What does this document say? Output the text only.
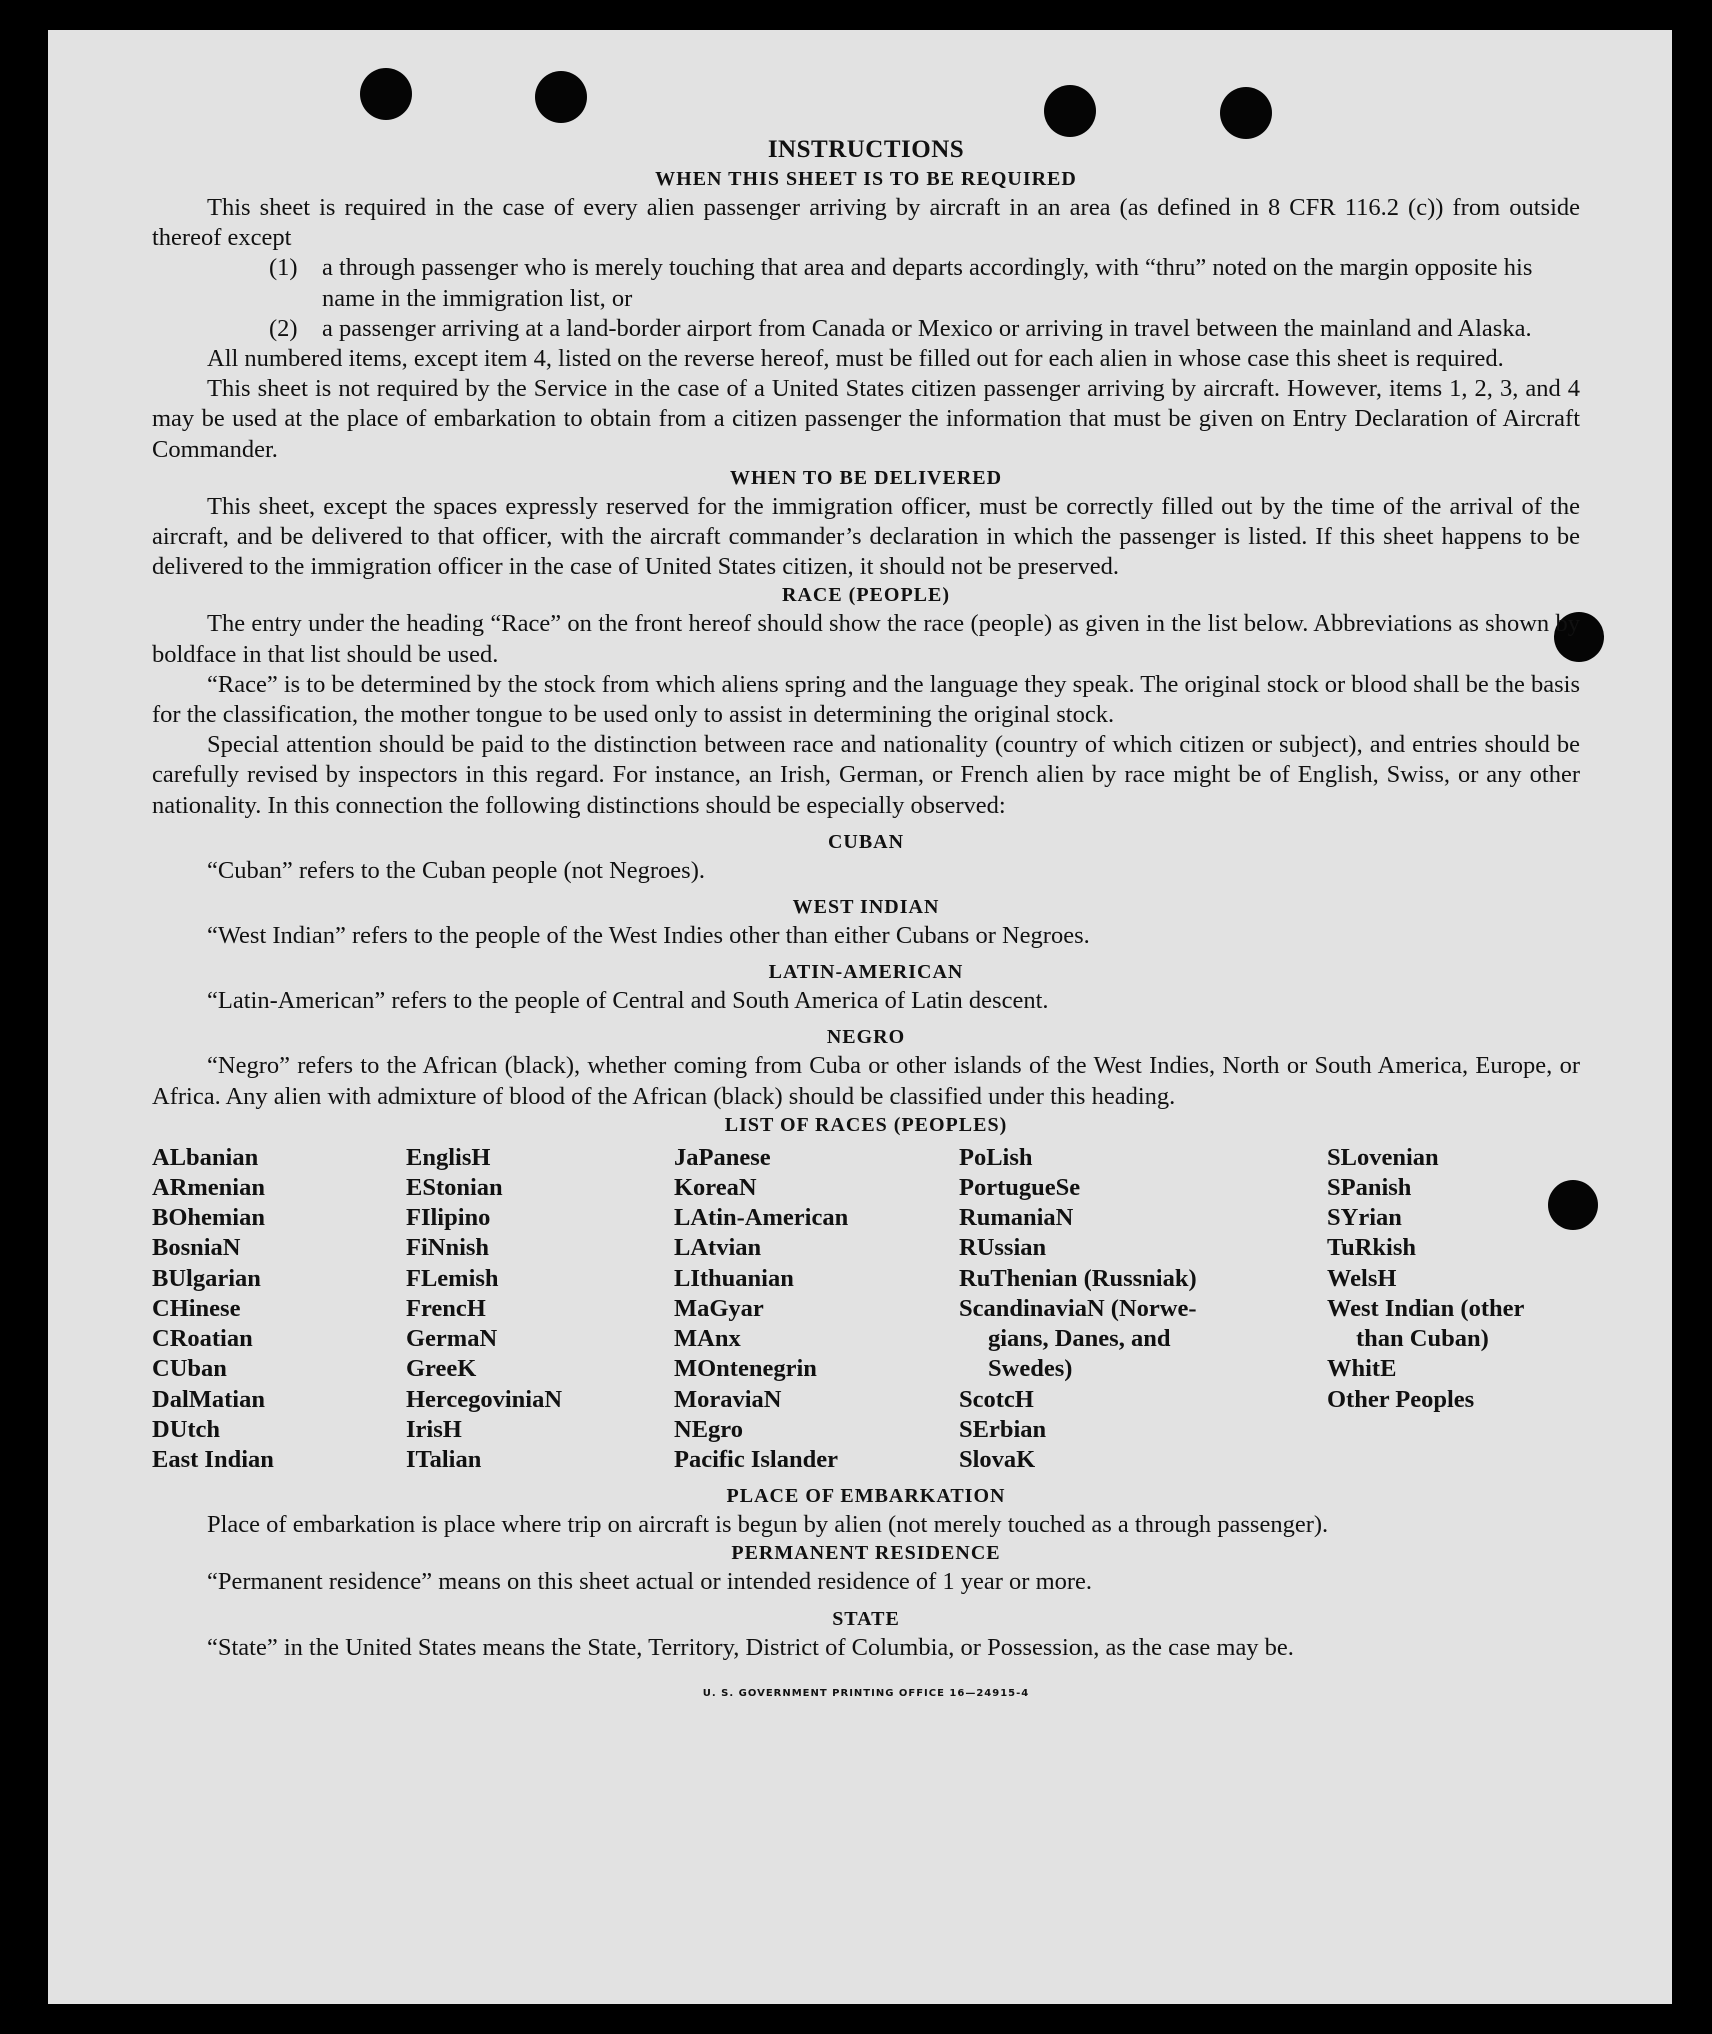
INSTRUCTIONS
WHEN THIS SHEET IS TO BE REQUIRED

This sheet is required in the case of every alien passenger arriving by aircraft in an area (as defined in 8 CFR 116.2 (c)) from outside thereof except

(1) a through passenger who is merely touching that area and departs accordingly, with “thru” noted on the margin opposite his name in the immigration list, or
(2) a passenger arriving at a land-border airport from Canada or Mexico or arriving in travel between the mainland and Alaska.

All numbered items, except item 4, listed on the reverse hereof, must be filled out for each alien in whose case this sheet is required.

This sheet is not required by the Service in the case of a United States citizen passenger arriving by aircraft. However, items 1, 2, 3, and 4 may be used at the place of embarkation to obtain from a citizen passenger the information that must be given on Entry Declaration of Aircraft Commander.

WHEN TO BE DELIVERED

This sheet, except the spaces expressly reserved for the immigration officer, must be correctly filled out by the time of the arrival of the aircraft, and be delivered to that officer, with the aircraft commander’s declaration in which the passenger is listed. If this sheet happens to be delivered to the immigration officer in the case of United States citizen, it should not be preserved.

RACE (PEOPLE)

The entry under the heading “Race” on the front hereof should show the race (people) as given in the list below. Abbreviations as shown by boldface in that list should be used.

“Race” is to be determined by the stock from which aliens spring and the language they speak. The original stock or blood shall be the basis for the classification, the mother tongue to be used only to assist in determining the original stock.

Special attention should be paid to the distinction between race and nationality (country of which citizen or subject), and entries should be carefully revised by inspectors in this regard. For instance, an Irish, German, or French alien by race might be of English, Swiss, or any other nationality. In this connection the following distinctions should be especially observed:

CUBAN

“Cuban” refers to the Cuban people (not Negroes).

WEST INDIAN

“West Indian” refers to the people of the West Indies other than either Cubans or Negroes.

LATIN-AMERICAN

“Latin-American” refers to the people of Central and South America of Latin descent.

NEGRO

“Negro” refers to the African (black), whether coming from Cuba or other islands of the West Indies, North or South America, Europe, or Africa. Any alien with admixture of blood of the African (black) should be classified under this heading.

LIST OF RACES (PEOPLES)
ALbanian
ARmenian
BOhemian
BosniaN
BUlgarian
CHinese
CRoatian
CUban
DalMatian
DUtch
East Indian
EnglisH
EStonian
FIlipino
FiNnish
FLemish
FrencH
GermaN
GreeK
HercegoviniaN
IrisH
ITalian
JaPanese
KoreaN
LAtin-American
LAtvian
LIthuanian
MaGyar
MAnx
MOntenegrin
MoraviaN
NEgro
Pacific Islander
PoLish
PortugueSe
RumaniaN
RUssian
RuThenian (Russniak)
ScandinaviaN (Norwe-
gians, Danes, and
Swedes)
ScotcH
SErbian
SlovaK
SLovenian
SPanish
SYrian
TuRkish
WelsH
West Indian (other
than Cuban)
WhitE
Other Peoples
PLACE OF EMBARKATION

Place of embarkation is place where trip on aircraft is begun by alien (not merely touched as a through passenger).

PERMANENT RESIDENCE

“Permanent residence” means on this sheet actual or intended residence of 1 year or more.

STATE

“State” in the United States means the State, Territory, District of Columbia, or Possession, as the case may be.

U. S. GOVERNMENT PRINTING OFFICE 16—24915-4
